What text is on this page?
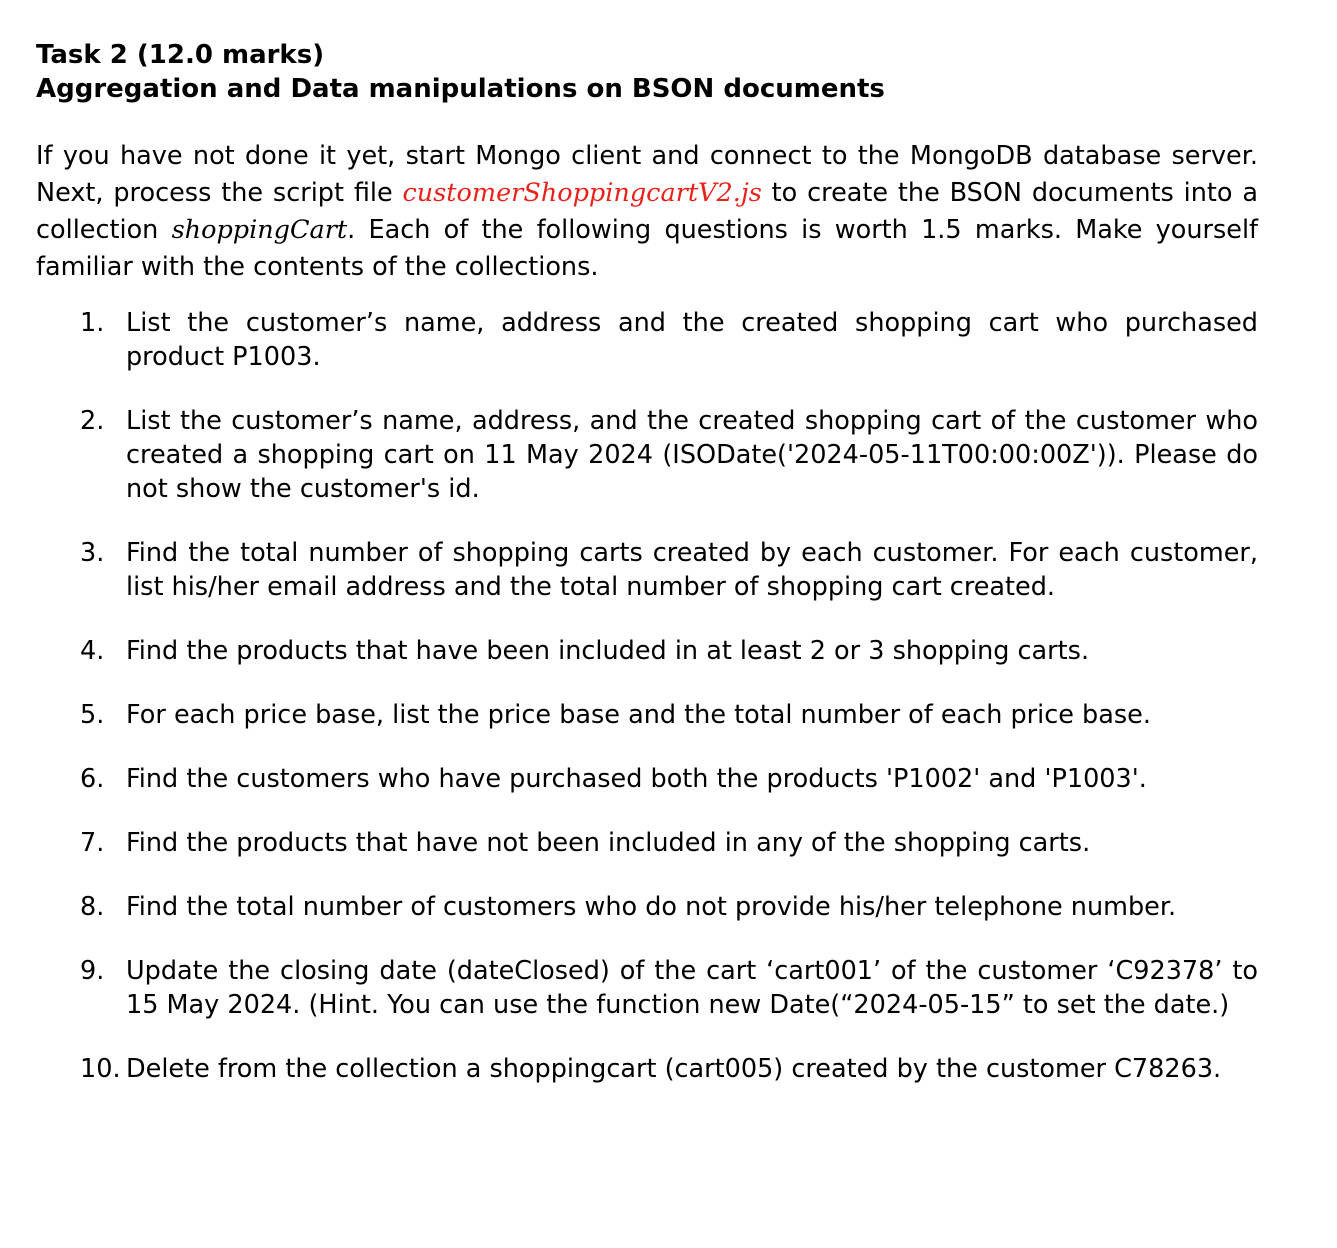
Task 2 (12.0 marks)

Aggregation and Data manipulations on BSON documents

If you have not done it yet, start Mongo client and connect to the MongoDB database server. Next, process the script file customerShoppingcartV2.js to create the BSON documents into a collection shoppingCart. Each of the following questions is worth 1.5 marks. Make yourself familiar with the contents of the collections.
1. List the customer’s name, address and the created shopping cart who purchased product P1003.
2. List the customer’s name, address, and the created shopping cart of the customer who created a shopping cart on 11 May 2024 (ISODate('2024-05-11T00:00:00Z')). Please do not show the customer's id.
3. Find the total number of shopping carts created by each customer. For each customer, list his/her email address and the total number of shopping cart created.
4. Find the products that have been included in at least 2 or 3 shopping carts.
5. For each price base, list the price base and the total number of each price base.
6. Find the customers who have purchased both the products 'P1002' and 'P1003'.
7. Find the products that have not been included in any of the shopping carts.
8. Find the total number of customers who do not provide his/her telephone number.
9. Update the closing date (dateClosed) of the cart ‘cart001’ of the customer ‘C92378’ to 15 May 2024. (Hint. You can use the function new Date(“2024-05-15” to set the date.)
10. Delete from the collection a shoppingcart (cart005) created by the customer C78263.
